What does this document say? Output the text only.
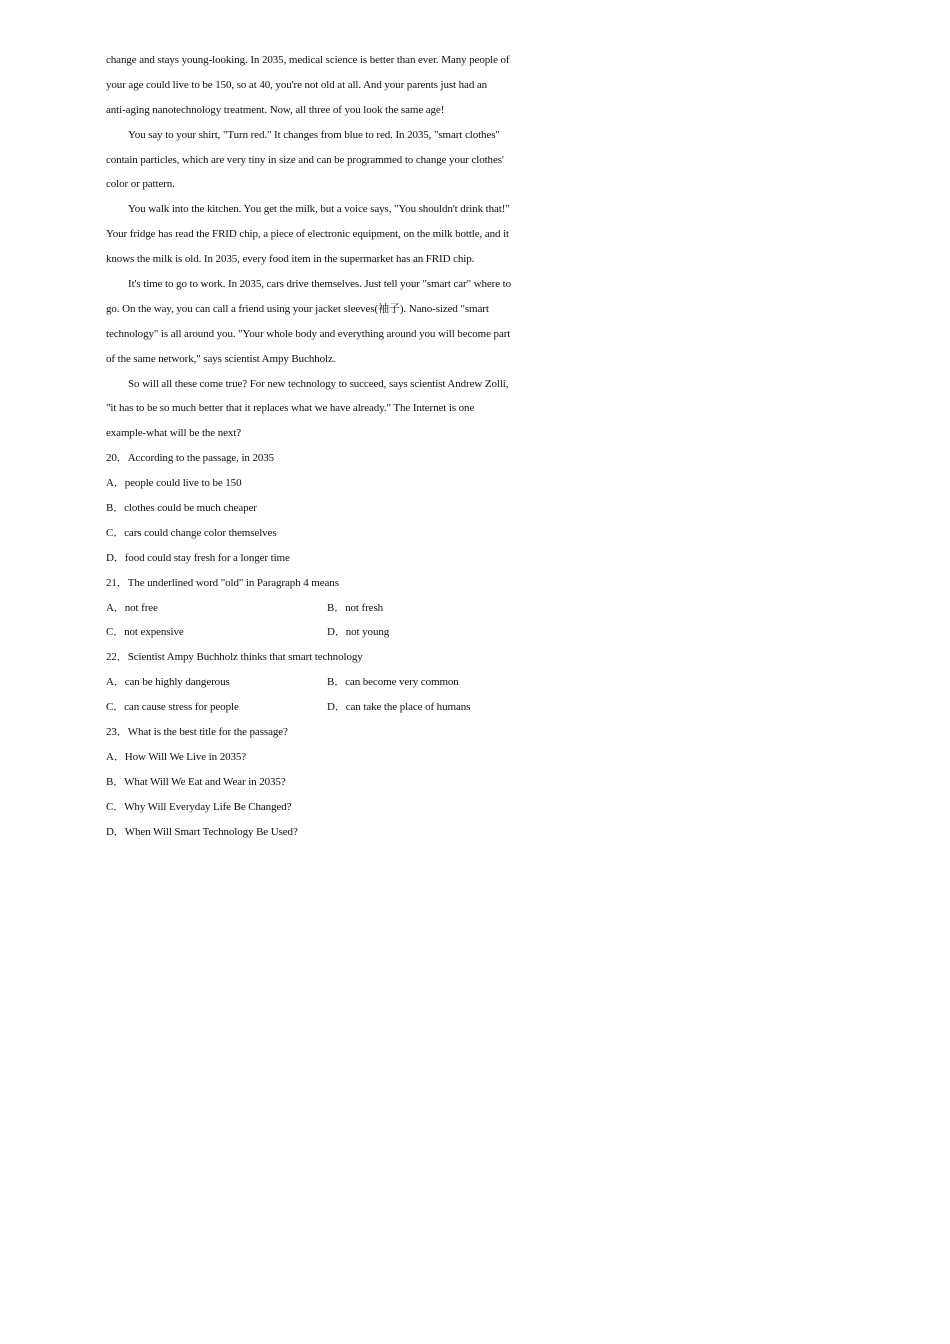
change and stays young-looking. In 2035, medical science is better than ever. Many people of
your age could live to be 150, so at 40, you're not old at all. And your parents just had an
anti-aging nanotechnology treatment. Now, all three of you look the same age!
You say to your shirt, "Turn red." It changes from blue to red. In 2035, "smart clothes"
contain particles, which are very tiny in size and can be programmed to change your clothes'
color or pattern.
You walk into the kitchen. You get the milk, but a voice says, "You shouldn't drink that!"
Your fridge has read the FRID chip, a piece of electronic equipment, on the milk bottle, and it
knows the milk is old. In 2035, every food item in the supermarket has an FRID chip.
It's time to go to work. In 2035, cars drive themselves. Just tell your "smart car" where to
go. On the way, you can call a friend using your jacket sleeves(袖子). Nano-sized "smart
technology" is all around you. "Your whole body and everything around you will become part
of the same network," says scientist Ampy Buchholz.
So will all these come true? For new technology to succeed, says scientist Andrew Zolli,
"it has to be so much better that it replaces what we have already." The Internet is one
example-what will be the next?
20．According to the passage, in 2035
A．people could live to be 150
B．clothes could be much cheaper
C．cars could change color themselves
D．food could stay fresh for a longer time
21．The underlined word "old" in Paragraph 4 means
A．not free	B．not fresh
C．not expensive	D．not young
22．Scientist Ampy Buchholz thinks that smart technology
A．can be highly dangerous	B．can become very common
C．can cause stress for people	D．can take the place of humans
23．What is the best title for the passage?
A．How Will We Live in 2035?
B．What Will We Eat and Wear in 2035?
C．Why Will Everyday Life Be Changed?
D．When Will Smart Technology Be Used?
